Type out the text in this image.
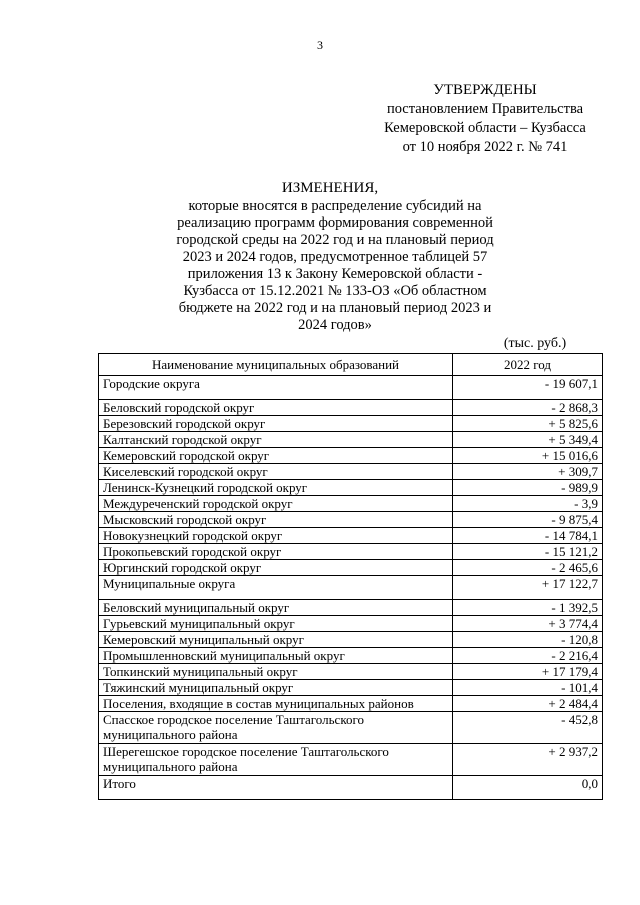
3
УТВЕРЖДЕНЫ
постановлением Правительства
Кемеровской области – Кузбасса
от 10 ноября 2022 г. № 741
ИЗМЕНЕНИЯ,
которые вносятся в распределение субсидий на
реализацию программ формирования современной
городской среды на 2022 год и на плановый период
2023 и 2024 годов, предусмотренное таблицей 57
приложения 13 к Закону Кемеровской области -
Кузбасса от 15.12.2021 № 133-ОЗ «Об областном
бюджете на 2022 год и на плановый период 2023 и
2024 годов»
(тыс. руб.)
Наименование муниципальных образований	2022 год
Городские округа	- 19 607,1
Беловский городской округ	- 2 868,3
Березовский городской округ	+ 5 825,6
Калтанский городской округ	+ 5 349,4
Кемеровский городской округ	+ 15 016,6
Киселевский городской округ	+ 309,7
Ленинск-Кузнецкий городской округ	- 989,9
Междуреченский городской округ	- 3,9
Мысковский городской округ	- 9 875,4
Новокузнецкий городской округ	- 14 784,1
Прокопьевский городской округ	- 15 121,2
Юргинский городской округ	- 2 465,6
Муниципальные округа	+ 17 122,7
Беловский муниципальный округ	- 1 392,5
Гурьевский муниципальный округ	+ 3 774,4
Кемеровский муниципальный округ	- 120,8
Промышленновский муниципальный округ	- 2 216,4
Топкинский муниципальный округ	+ 17 179,4
Тяжинский муниципальный округ	- 101,4
Поселения, входящие в состав муниципальных районов	+ 2 484,4
Спасское городское поселение Таштагольского муниципального района	- 452,8
Шерегешское городское поселение Таштагольского муниципального района	+ 2 937,2
Итого	0,0
